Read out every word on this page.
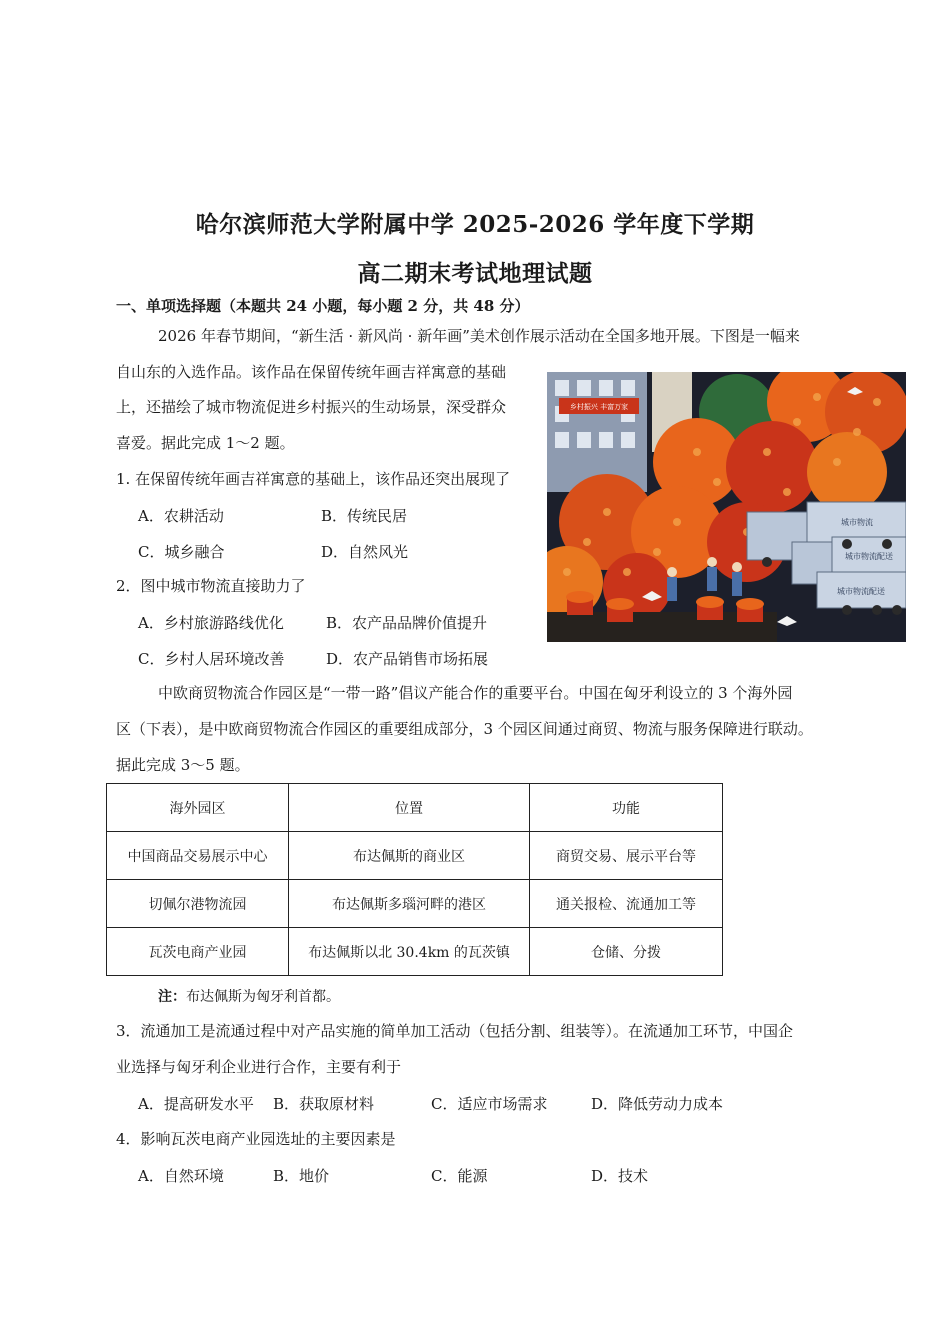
哈尔滨师范大学附属中学 2025-2026 学年度下学期
高二期末考试地理试题
一、单项选择题（本题共 24 小题，每小题 2 分，共 48 分）
2026 年春节期间，“新生活 · 新风尚 · 新年画”美术创作展示活动在全国多地开展。下图是一幅来
自山东的入选作品。该作品在保留传统年画吉祥寓意的基础
上，还描绘了城市物流促进乡村振兴的生动场景，深受群众
喜爱。据此完成 1～2 题。
乡村振兴 丰富万家
城市物流
城市物流配送
城市物流配送
1. 在保留传统年画吉祥寓意的基础上，该作品还突出展现了
A．农耕活动	B．传统民居
C．城乡融合	D．自然风光
2．图中城市物流直接助力了
A．乡村旅游路线优化	B．农产品品牌价值提升
C．乡村人居环境改善	D．农产品销售市场拓展
中欧商贸物流合作园区是“一带一路”倡议产能合作的重要平台。中国在匈牙利设立的 3 个海外园
区（下表），是中欧商贸物流合作园区的重要组成部分，3 个园区间通过商贸、物流与服务保障进行联动。
据此完成 3～5 题。
海外园区	位置	功能
中国商品交易展示中心	布达佩斯的商业区	商贸交易、展示平台等
切佩尔港物流园	布达佩斯多瑙河畔的港区	通关报检、流通加工等
瓦茨电商产业园	布达佩斯以北 30.4km 的瓦茨镇	仓储、分拨
注：布达佩斯为匈牙利首都。
3．流通加工是流通过程中对产品实施的简单加工活动（包括分割、组装等）。在流通加工环节，中国企
业选择与匈牙利企业进行合作，主要有利于
A．提高研发水平 B．获取原材料	C．适应市场需求	D．降低劳动力成本
4．影响瓦茨电商产业园选址的主要因素是
A．自然环境	B．地价	C．能源	D．技术
